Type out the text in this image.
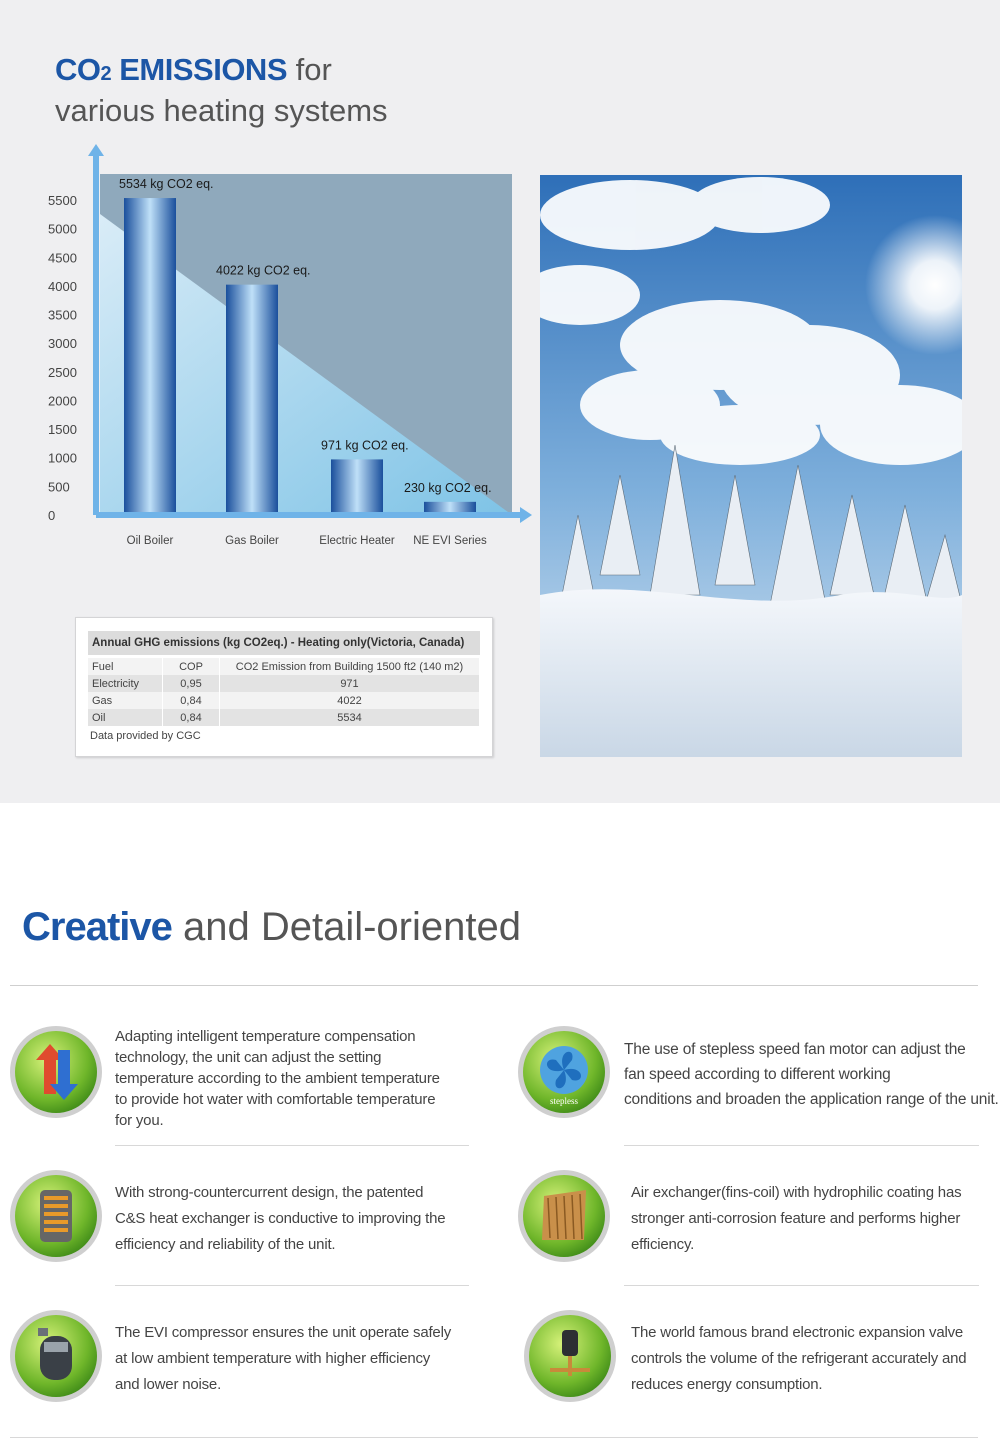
CO2 EMISSIONS for
various heating systems
0
500
1000
1500
2000
2500
3000
3500
4000
4500
5000
5500
5534 kg CO2 eq.
Oil Boiler
4022 kg CO2 eq.
Gas Boiler
971 kg CO2 eq.
Electric Heater
230 kg CO2 eq.
NE EVI Series
Annual GHG emissions (kg CO2eq.) - Heating only(Victoria, Canada)
Fuel	COP	CO2 Emission from Building 1500 ft2 (140 m2)
Electricity	0,95	971
Gas	0,84	4022
Oil	0,84	5534
Data provided by CGC
Creative and Detail-oriented
Adapting intelligent temperature compensation
technology, the unit can adjust the setting
temperature according to the ambient temperature
to provide hot water with comfortable temperature
for you.
stepless
The use of stepless speed fan motor can adjust the
fan speed according to different working
conditions and broaden the application range of the unit.
With strong-countercurrent design, the patented
C&S heat exchanger is conductive to improving the
efficiency and reliability of the unit.
Air exchanger(fins-coil) with hydrophilic coating has
stronger anti-corrosion feature and performs higher
efficiency.
The EVI compressor ensures the unit operate safely
at low ambient temperature with higher efficiency
and lower noise.
The world famous brand electronic expansion valve
controls the volume of the refrigerant accurately and
reduces energy consumption.
